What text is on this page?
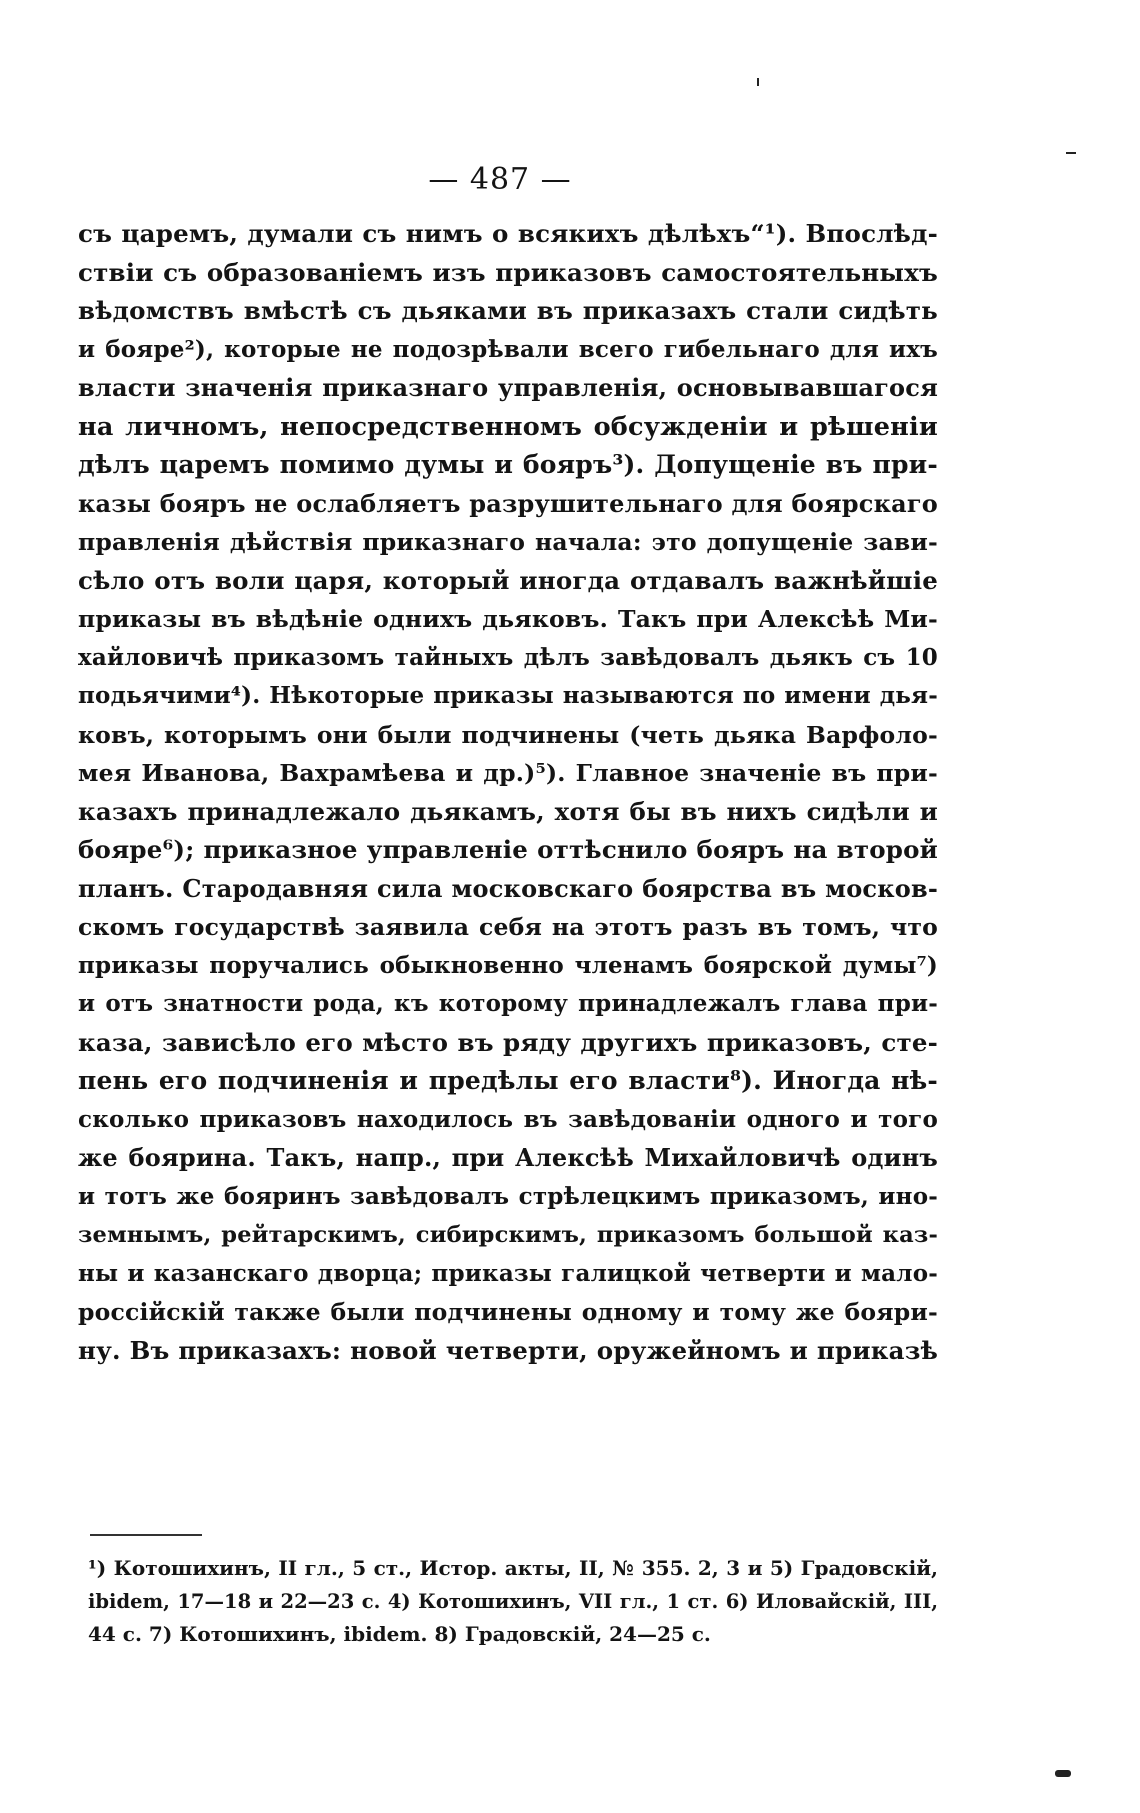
— 487 —
съ царемъ, думали съ нимъ о всякихъ дѣлѣхъ“¹). Впослѣд-
ствіи съ образованіемъ изъ приказовъ самостоятельныхъ
вѣдомствъ вмѣстѣ съ дьяками въ приказахъ стали сидѣть
и бояре²), которые не подозрѣвали всего гибельнаго для ихъ
власти значенія приказнаго управленія, основывавшагося
на личномъ, непосредственномъ обсужденіи и рѣшеніи
дѣлъ царемъ помимо думы и бояръ³). Допущеніе въ при-
казы бояръ не ослабляетъ разрушительнаго для боярскаго
правленія дѣйствія приказнаго начала: это допущеніе зави-
сѣло отъ воли царя, который иногда отдавалъ важнѣйшіе
приказы въ вѣдѣніе однихъ дьяковъ. Такъ при Алексѣѣ Ми-
хайловичѣ приказомъ тайныхъ дѣлъ завѣдовалъ дьякъ съ 10
подьячими⁴). Нѣкоторые приказы называются по имени дья-
ковъ, которымъ они были подчинены (четь дьяка Варфоло-
мея Иванова, Вахрамѣева и др.)⁵). Главное значеніе въ при-
казахъ принадлежало дьякамъ, хотя бы въ нихъ сидѣли и
бояре⁶); приказное управленіе оттѣснило бояръ на второй
планъ. Стародавняя сила московскаго боярства въ москов-
скомъ государствѣ заявила себя на этотъ разъ въ томъ, что
приказы поручались обыкновенно членамъ боярской думы⁷)
и отъ знатности рода, къ которому принадлежалъ глава при-
каза, зависѣло его мѣсто въ ряду другихъ приказовъ, сте-
пень его подчиненія и предѣлы его власти⁸). Иногда нѣ-
сколько приказовъ находилось въ завѣдованіи одного и того
же боярина. Такъ, напр., при Алексѣѣ Михайловичѣ одинъ
и тотъ же бояринъ завѣдовалъ стрѣлецкимъ приказомъ, ино-
земнымъ, рейтарскимъ, сибирскимъ, приказомъ большой каз-
ны и казанскаго дворца; приказы галицкой четверти и мало-
россійскій также были подчинены одному и тому же бояри-
ну. Въ приказахъ: новой четверти, оружейномъ и приказѣ
¹) Котошихинъ, II гл., 5 ст., Истор. акты, II, № 355. 2, 3 и 5) Градовскій,
ibidem, 17—18 и 22—23 с. 4) Котошихинъ, VII гл., 1 ст. 6) Иловайскій, III,
44 с. 7) Котошихинъ, ibidem. 8) Градовскій, 24—25 с.
